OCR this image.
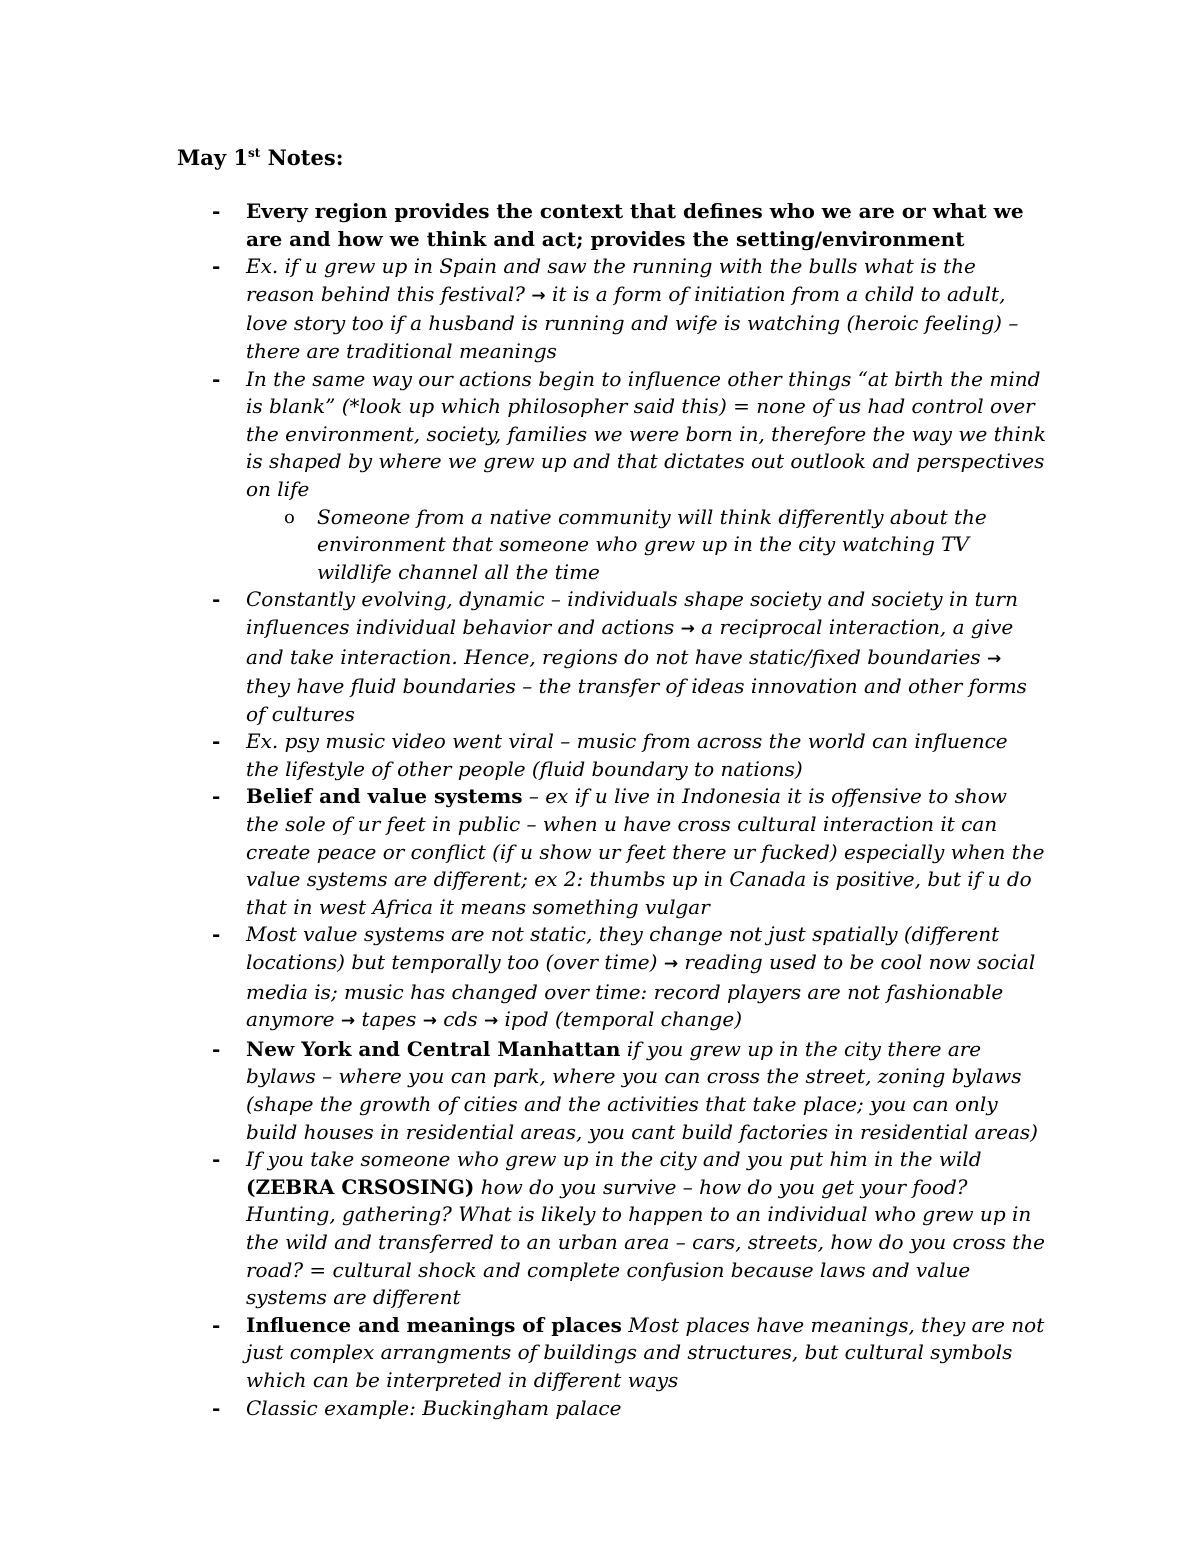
May 1st Notes:
- Every region provides the context that defines who we are or what we are and how we think and act; provides the setting/environment
- Ex. if u grew up in Spain and saw the running with the bulls what is the reason behind this festival? → it is a form of initiation from a child to adult, love story too if a husband is running and wife is watching (heroic feeling) – there are traditional meanings
- In the same way our actions begin to influence other things “at birth the mind is blank” (*look up which philosopher said this) = none of us had control over the environment, society, families we were born in, therefore the way we think is shaped by where we grew up and that dictates out outlook and perspectives on life
o Someone from a native community will think differently about the environment that someone who grew up in the city watching TV wildlife channel all the time
- Constantly evolving, dynamic – individuals shape society and society in turn influences individual behavior and actions → a reciprocal interaction, a give and take interaction. Hence, regions do not have static/fixed boundaries → they have fluid boundaries – the transfer of ideas innovation and other forms of cultures
- Ex. psy music video went viral – music from across the world can influence the lifestyle of other people (fluid boundary to nations)
- Belief and value systems – ex if u live in Indonesia it is offensive to show the sole of ur feet in public – when u have cross cultural interaction it can create peace or conflict (if u show ur feet there ur fucked) especially when the value systems are different; ex 2: thumbs up in Canada is positive, but if u do that in west Africa it means something vulgar
- Most value systems are not static, they change not just spatially (different locations) but temporally too (over time) → reading used to be cool now social media is; music has changed over time: record players are not fashionable anymore → tapes → cds → ipod (temporal change)
- New York and Central Manhattan if you grew up in the city there are bylaws – where you can park, where you can cross the street, zoning bylaws (shape the growth of cities and the activities that take place; you can only build houses in residential areas, you cant build factories in residential areas)
- If you take someone who grew up in the city and you put him in the wild (ZEBRA CRSOSING) how do you survive – how do you get your food? Hunting, gathering? What is likely to happen to an individual who grew up in the wild and transferred to an urban area – cars, streets, how do you cross the road? = cultural shock and complete confusion because laws and value systems are different
- Influence and meanings of places Most places have meanings, they are not just complex arrangments of buildings and structures, but cultural symbols which can be interpreted in different ways
- Classic example: Buckingham palace
